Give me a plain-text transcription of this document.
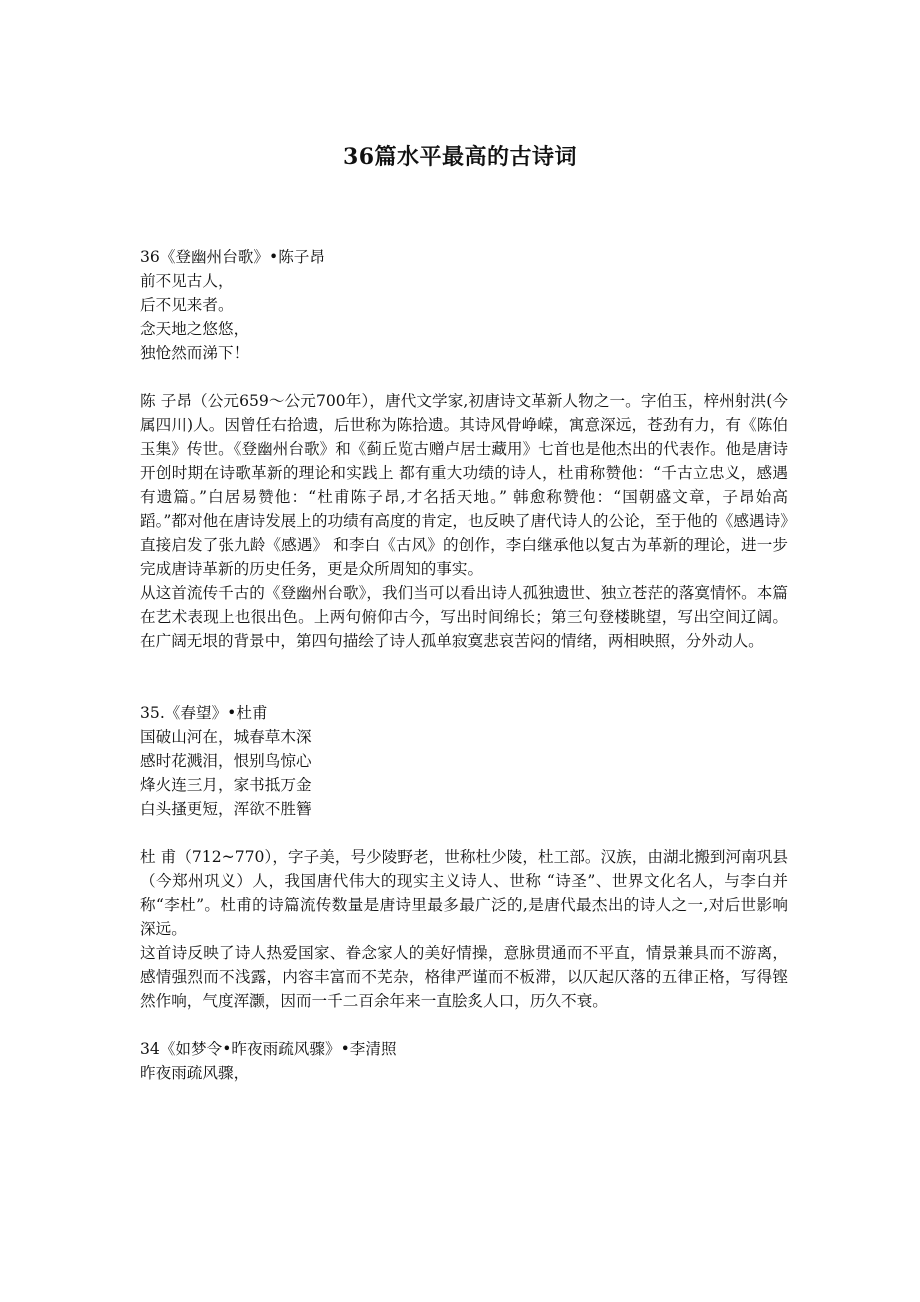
36篇水平最高的古诗词
36《登幽州台歌》•陈子昂
前不见古人，
后不见来者。
念天地之悠悠，
独怆然而涕下！
陈 子昂（公元659～公元700年），唐代文学家,初唐诗文革新人物之一。字伯玉，梓州射洪(今属四川)人。因曾任右拾遗，后世称为陈拾遗。其诗风骨峥嵘，寓意深远，苍劲有力，有《陈伯玉集》传世。《登幽州台歌》和《蓟丘览古赠卢居士藏用》七首也是他杰出的代表作。他是唐诗开创时期在诗歌革新的理论和实践上 都有重大功绩的诗人，杜甫称赞他：“千古立忠义，感遇有遗篇。”白居易赞他：“杜甫陈子昂,才名括天地。” 韩愈称赞他：“国朝盛文章，子昂始高蹈。”都对他在唐诗发展上的功绩有高度的肯定，也反映了唐代诗人的公论，至于他的《感遇诗》直接启发了张九龄《感遇》 和李白《古风》的创作，李白继承他以复古为革新的理论，进一步完成唐诗革新的历史任务，更是众所周知的事实。
从这首流传千古的《登幽州台歌》，我们当可以看出诗人孤独遗世、独立苍茫的落寞情怀。本篇在艺术表现上也很出色。上两句俯仰古今，写出时间绵长；第三句登楼眺望，写出空间辽阔。在广阔无垠的背景中，第四句描绘了诗人孤单寂寞悲哀苦闷的情绪，两相映照，分外动人。
35.《春望》•杜甫
国破山河在，城春草木深
感时花溅泪，恨别鸟惊心
烽火连三月，家书抵万金
白头搔更短，浑欲不胜簪
杜 甫（712~770），字子美，号少陵野老，世称杜少陵，杜工部。汉族，由湖北搬到河南巩县（今郑州巩义）人，我国唐代伟大的现实主义诗人、世称 “诗圣”、世界文化名人，与李白并称“李杜”。杜甫的诗篇流传数量是唐诗里最多最广泛的,是唐代最杰出的诗人之一,对后世影响深远。
这首诗反映了诗人热爱国家、眷念家人的美好情操，意脉贯通而不平直，情景兼具而不游离，感情强烈而不浅露，内容丰富而不芜杂，格律严谨而不板滞，以仄起仄落的五律正格，写得铿然作响，气度浑灏，因而一千二百余年来一直脍炙人口，历久不衰。
34《如梦令•昨夜雨疏风骤》•李清照
昨夜雨疏风骤，
